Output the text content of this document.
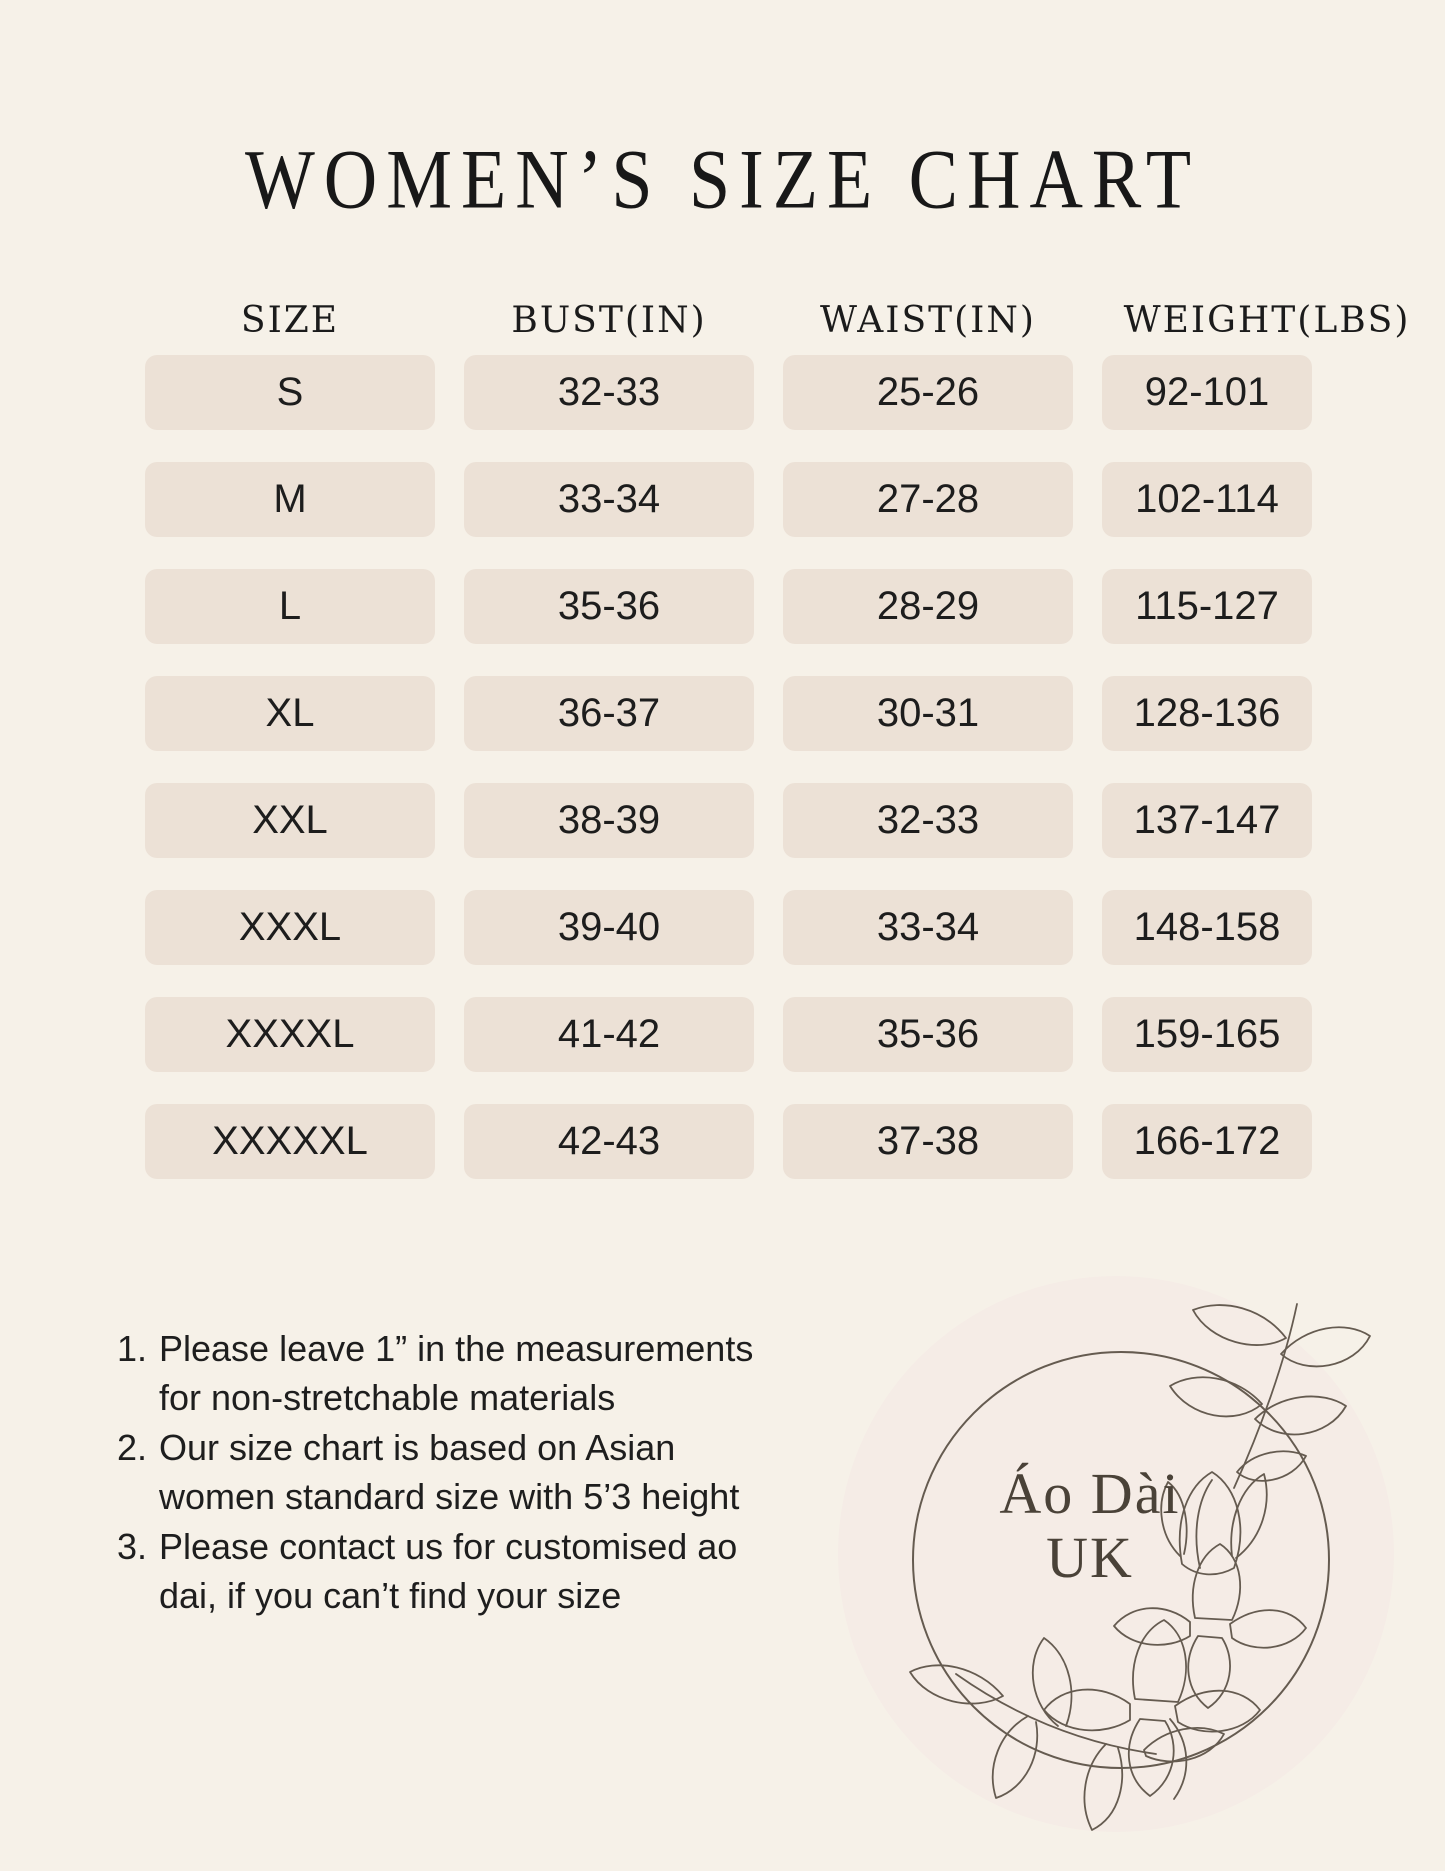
WOMEN’S SIZE CHART
SIZE	BUST(IN)	WAIST(IN)	WEIGHT(LBS)
S	32-33	25-26	92-101
M	33-34	27-28	102-114
L	35-36	28-29	115-127
XL	36-37	30-31	128-136
XXL	38-39	32-33	137-147
XXXL	39-40	33-34	148-158
XXXXL	41-42	35-36	159-165
XXXXXL	42-43	37-38	166-172
1. Please leave 1” in the measurements
for non-stretchable materials
2. Our size chart is based on Asian
women standard size with 5’3 height
3. Please contact us for customised ao
dai, if you can’t find your size
Áo Dài
UK
